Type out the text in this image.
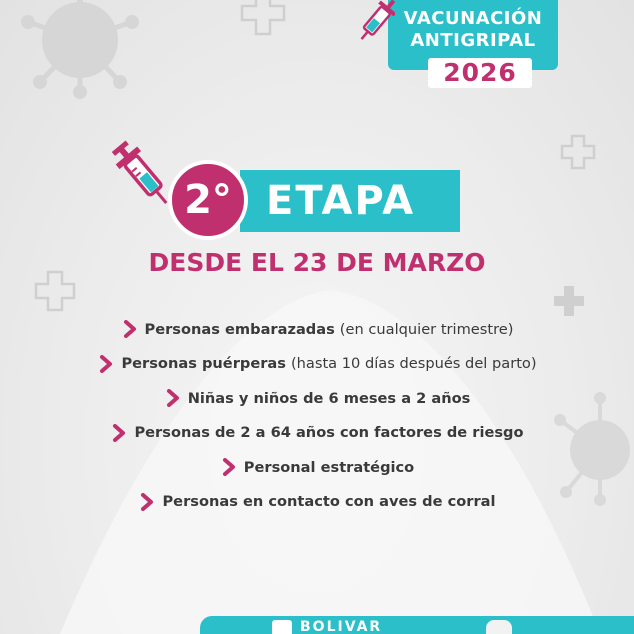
VACUNACIÓN
ANTIGRIPAL
2026
2° ETAPA
DESDE EL 23 DE MARZO
Personas embarazadas (en cualquier trimestre)
Personas puérperas (hasta 10 días después del parto)
Niñas y niños de 6 meses a 2 años
Personas de 2 a 64 años con factores de riesgo
Personal estratégico
Personas en contacto con aves de corral
BOLIVAR
